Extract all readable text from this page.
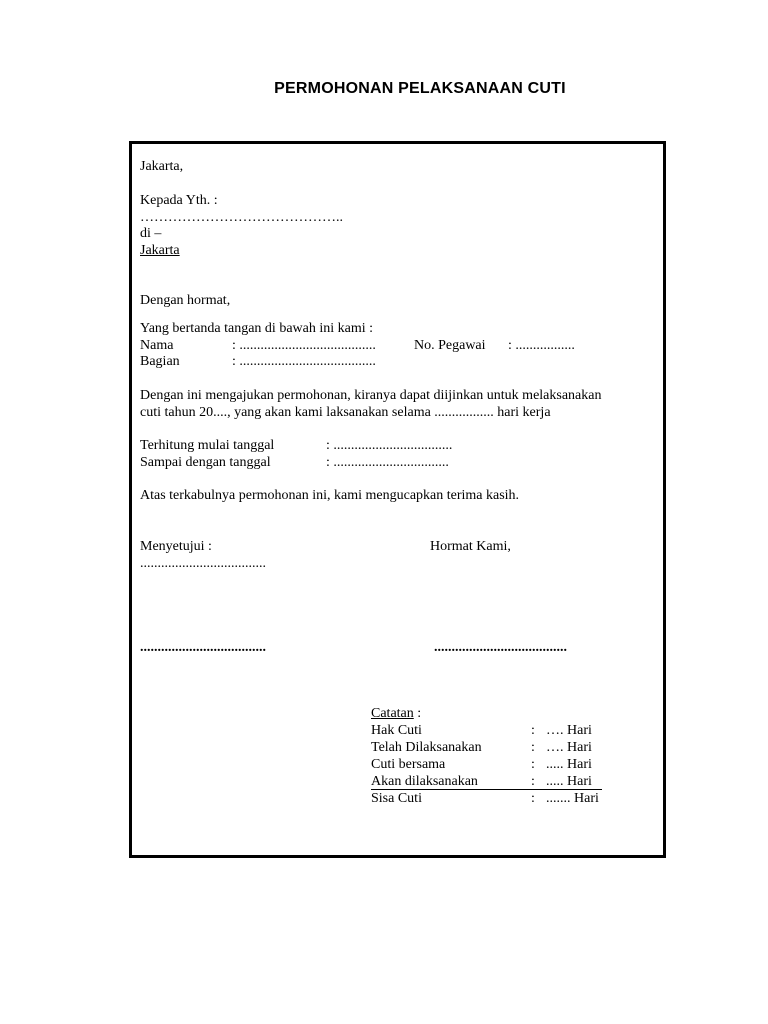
PERMOHONAN PELAKSANAAN CUTI
Jakarta,
Kepada Yth. :
……………………………………..
di –
Jakarta
Dengan hormat,
Yang bertanda tangan di bawah ini kami :
Nama	: .......................................	No. Pegawai : .................
Bagian	: .......................................
Dengan ini mengajukan permohonan, kiranya dapat diijinkan untuk melaksanakan
cuti tahun 20...., yang akan kami laksanakan selama ................. hari kerja
Terhitung mulai tanggal	: ..................................
Sampai dengan tanggal	: .................................
Atas terkabulnya permohonan ini, kami mengucapkan terima kasih.
Menyetujui :
....................................
Hormat Kami,
....................................	......................................
Catatan :
Hak Cuti	: …. Hari
Telah Dilaksanakan	: …. Hari
Cuti bersama	: ..... Hari
Akan dilaksanakan	: ..... Hari
Sisa Cuti	: ....... Hari
